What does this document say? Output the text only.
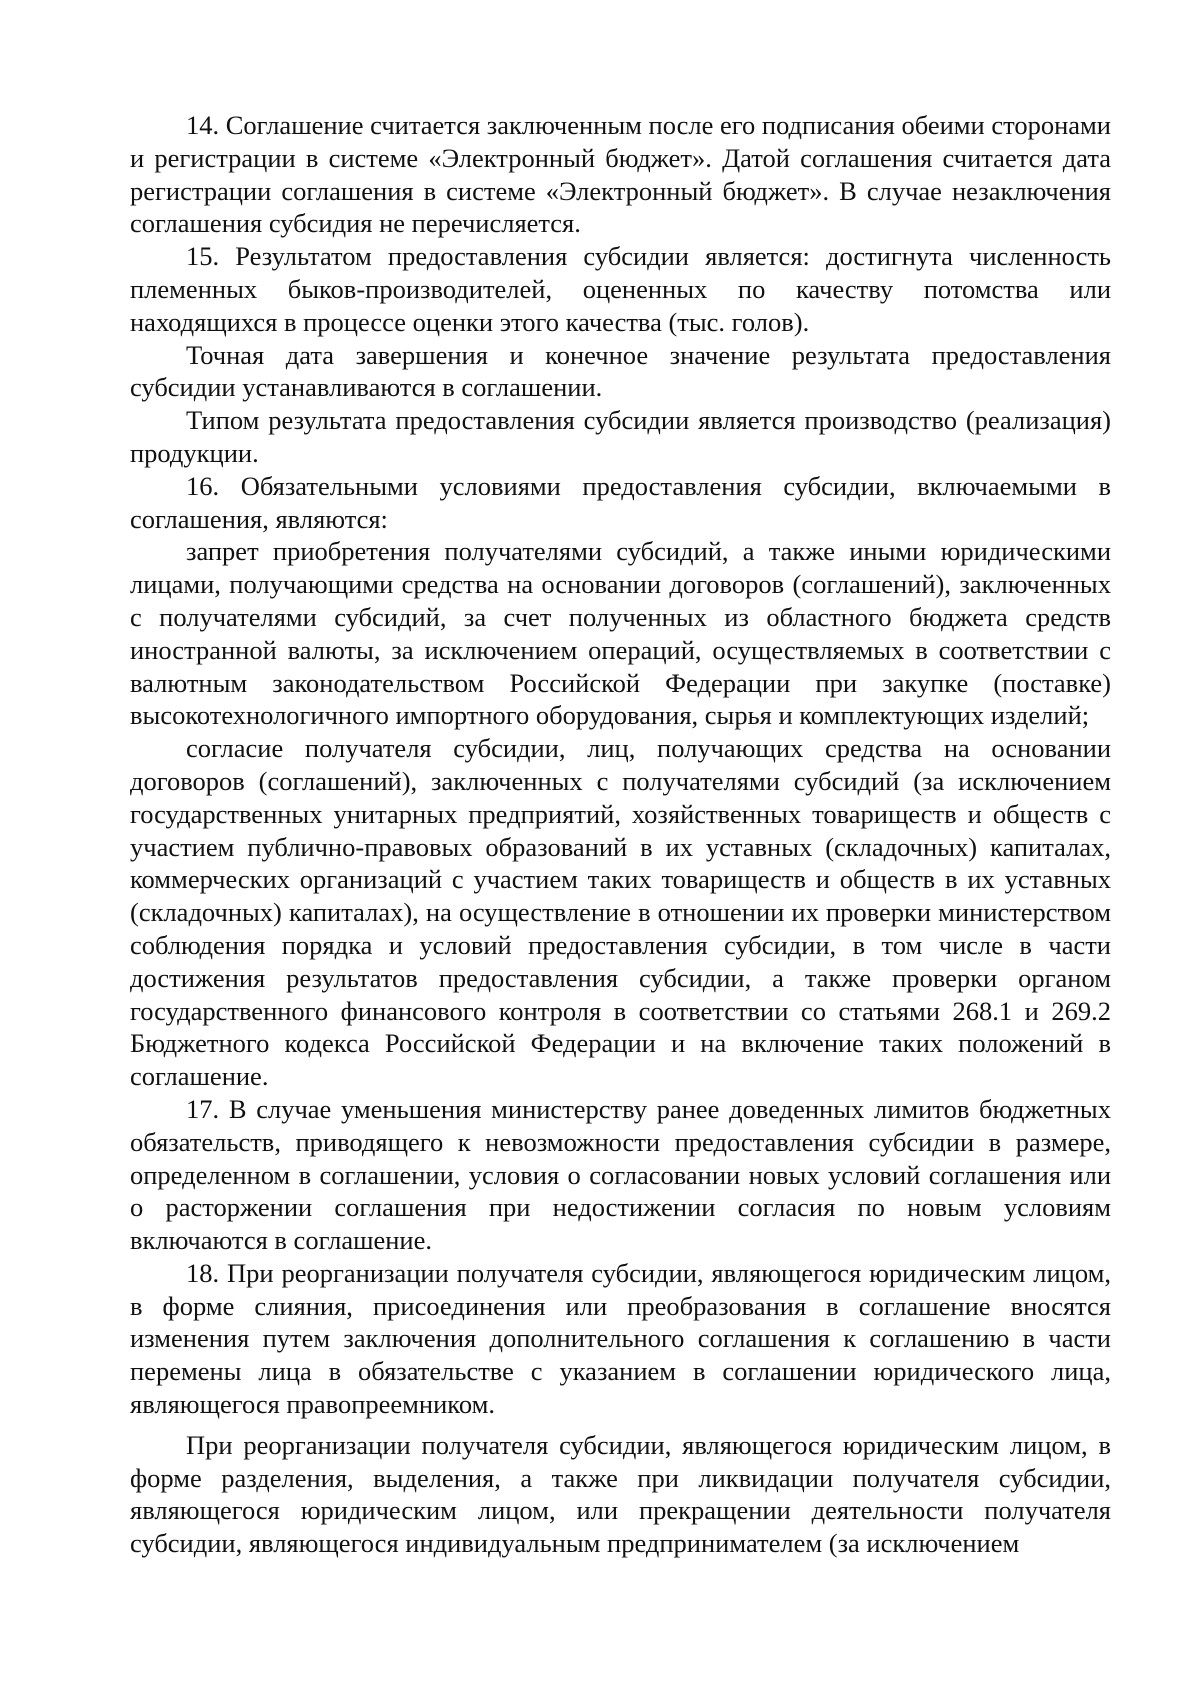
14. Соглашение считается заключенным после его подписания обеими сторонами и регистрации в системе «Электронный бюджет». Датой соглашения считается дата регистрации соглашения в системе «Электронный бюджет». В случае незаключения соглашения субсидия не перечисляется.

15. Результатом предоставления субсидии является: достигнута численность племенных быков-производителей, оцененных по качеству потомства или находящихся в процессе оценки этого качества (тыс. голов).

Точная дата завершения и конечное значение результата предоставления субсидии устанавливаются в соглашении.

Типом результата предоставления субсидии является производство (реализация) продукции.

16. Обязательными условиями предоставления субсидии, включаемыми в соглашения, являются:

запрет приобретения получателями субсидий, а также иными юридическими лицами, получающими средства на основании договоров (соглашений), заключенных с получателями субсидий, за счет полученных из областного бюджета средств иностранной валюты, за исключением операций, осуществляемых в соответствии с валютным законодательством Российской Федерации при закупке (поставке) высокотехнологичного импортного оборудования, сырья и комплектующих изделий;

согласие получателя субсидии, лиц, получающих средства на основании договоров (соглашений), заключенных с получателями субсидий (за исключением государственных унитарных предприятий, хозяйственных товариществ и обществ с участием публично-правовых образований в их уставных (складочных) капиталах, коммерческих организаций с участием таких товариществ и обществ в их уставных (складочных) капиталах), на осуществление в отношении их проверки министерством соблюдения порядка и условий предоставления субсидии, в том числе в части достижения результатов предоставления субсидии, а также проверки органом государственного финансового контроля в соответствии со статьями 268.1 и 269.2 Бюджетного кодекса Российской Федерации и на включение таких положений в соглашение.

17. В случае уменьшения министерству ранее доведенных лимитов бюджетных обязательств, приводящего к невозможности предоставления субсидии в размере, определенном в соглашении, условия о согласовании новых условий соглашения или о расторжении соглашения при недостижении согласия по новым условиям включаются в соглашение.

18. При реорганизации получателя субсидии, являющегося юридическим лицом, в форме слияния, присоединения или преобразования в соглашение вносятся изменения путем заключения дополнительного соглашения к соглашению в части перемены лица в обязательстве с указанием в соглашении юридического лица, являющегося правопреемником.

При реорганизации получателя субсидии, являющегося юридическим лицом, в форме разделения, выделения, а также при ликвидации получателя субсидии, являющегося юридическим лицом, или прекращении деятельности получателя субсидии, являющегося индивидуальным предпринимателем (за исключением
